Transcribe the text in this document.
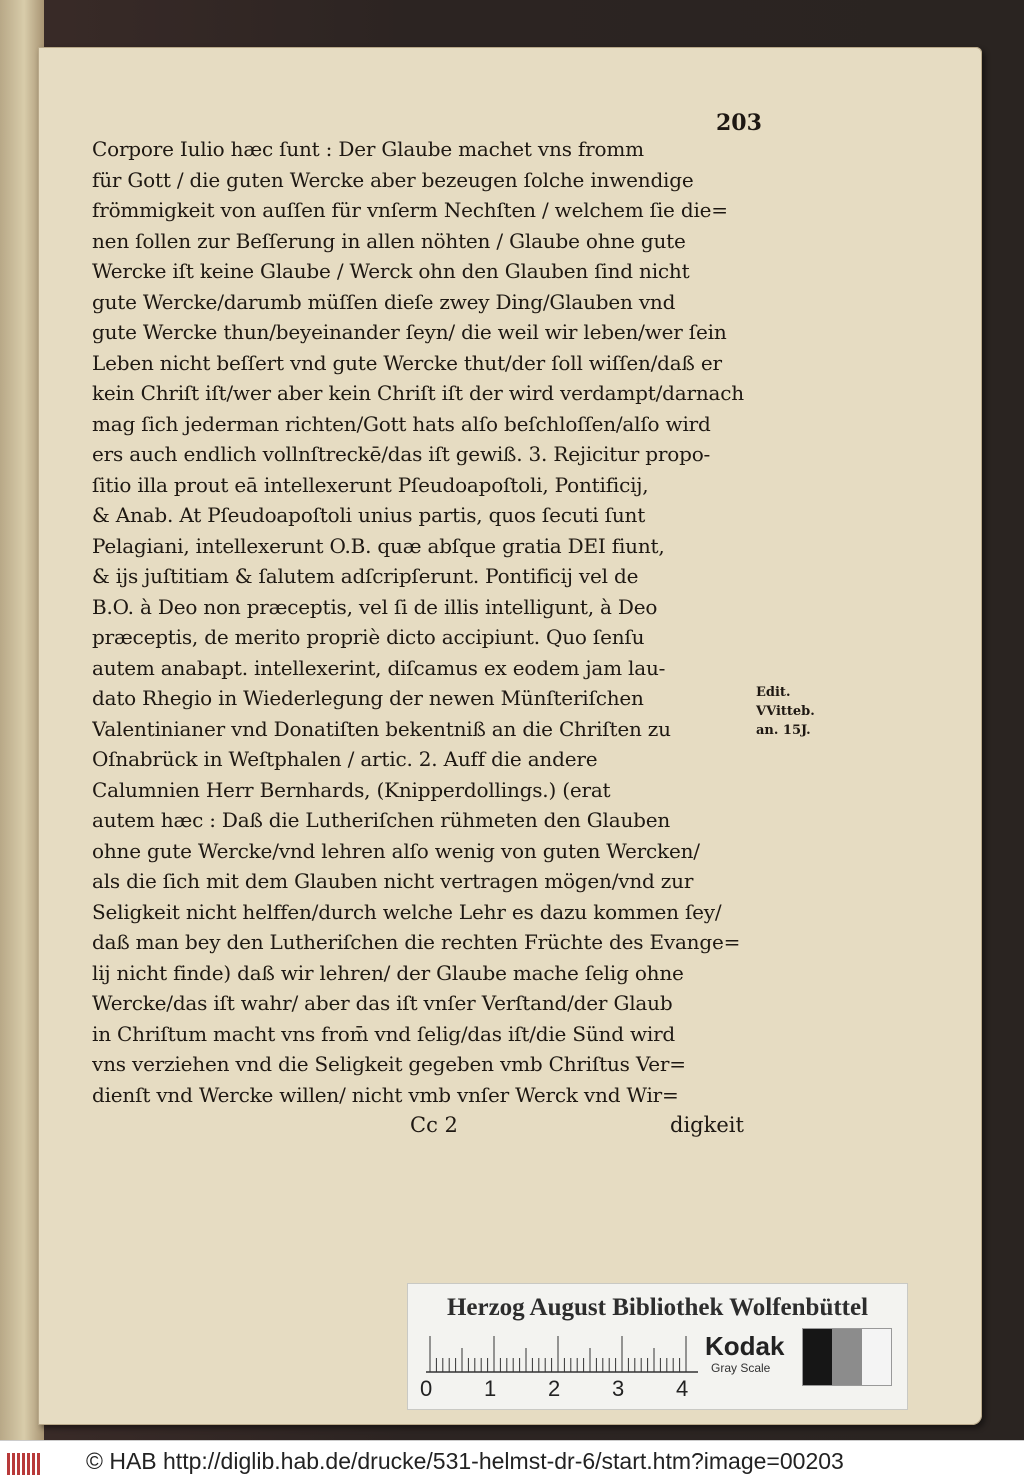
203
Corpore Iulio hæc ſunt : Der Glaube machet vns fromm
für Gott / die guten Wercke aber bezeugen ſolche inwendige
frömmigkeit von auſſen für vnſerm Nechſten / welchem ſie die=
nen ſollen zur Beſſerung in allen nöhten / Glaube ohne gute
Wercke iſt keine Glaube / Werck ohn den Glauben ſind nicht
gute Wercke/darumb müſſen dieſe zwey Ding/Glauben vnd
gute Wercke thun/beyeinander ſeyn/ die weil wir leben/wer ſein
Leben nicht beſſert vnd gute Wercke thut/der ſoll wiſſen/daß er
kein Chriſt iſt/wer aber kein Chriſt iſt der wird verdampt/darnach
mag ſich jederman richten/Gott hats alſo beſchloſſen/alſo wird
ers auch endlich vollnſtreckē/das iſt gewiß. 3. Rejicitur propo-
ſitio illa prout eā intellexerunt Pſeudoapoſtoli, Pontificij,
& Anab. At Pſeudoapoſtoli unius partis, quos ſecuti ſunt
Pelagiani, intellexerunt O.B. quæ abſque gratia DEI fiunt,
& ijs juſtitiam & ſalutem adſcripſerunt. Pontificij vel de
B.O. à Deo non præceptis, vel ſi de illis intelligunt, à Deo
præceptis, de merito propriè dicto accipiunt. Quo ſenſu
autem anabapt. intellexerint, diſcamus ex eodem jam lau-
dato Rhegio in Wiederlegung der newen Münſteriſchen
Valentinianer vnd Donatiſten bekentniß an die Chriſten zu
Oſnabrück in Weſtphalen / artic. 2. Auff die andere
Calumnien Herr Bernhards, (Knipperdollings.) (erat
autem hæc : Daß die Lutheriſchen rühmeten den Glauben
ohne gute Wercke/vnd lehren alſo wenig von guten Wercken/
als die ſich mit dem Glauben nicht vertragen mögen/vnd zur
Seligkeit nicht helffen/durch welche Lehr es dazu kommen ſey/
daß man bey den Lutheriſchen die rechten Früchte des Evange=
lij nicht finde) daß wir lehren/ der Glaube mache ſelig ohne
Wercke/das iſt wahr/ aber das iſt vnſer Verſtand/der Glaub
in Chriſtum macht vns from̄ vnd ſelig/das iſt/die Sünd wird
vns verziehen vnd die Seligkeit gegeben vmb Chriſtus Ver=
dienſt vnd Wercke willen/ nicht vmb vnſer Werck vnd Wir=
Edit.
VVitteb.
an. 15J.
Cc 2	digkeit
Herzog August Bibliothek Wolfenbüttel
0 1 2 3 4
Kodak
Gray Scale
© HAB http://diglib.hab.de/drucke/531-helmst-dr-6/start.htm?image=00203
